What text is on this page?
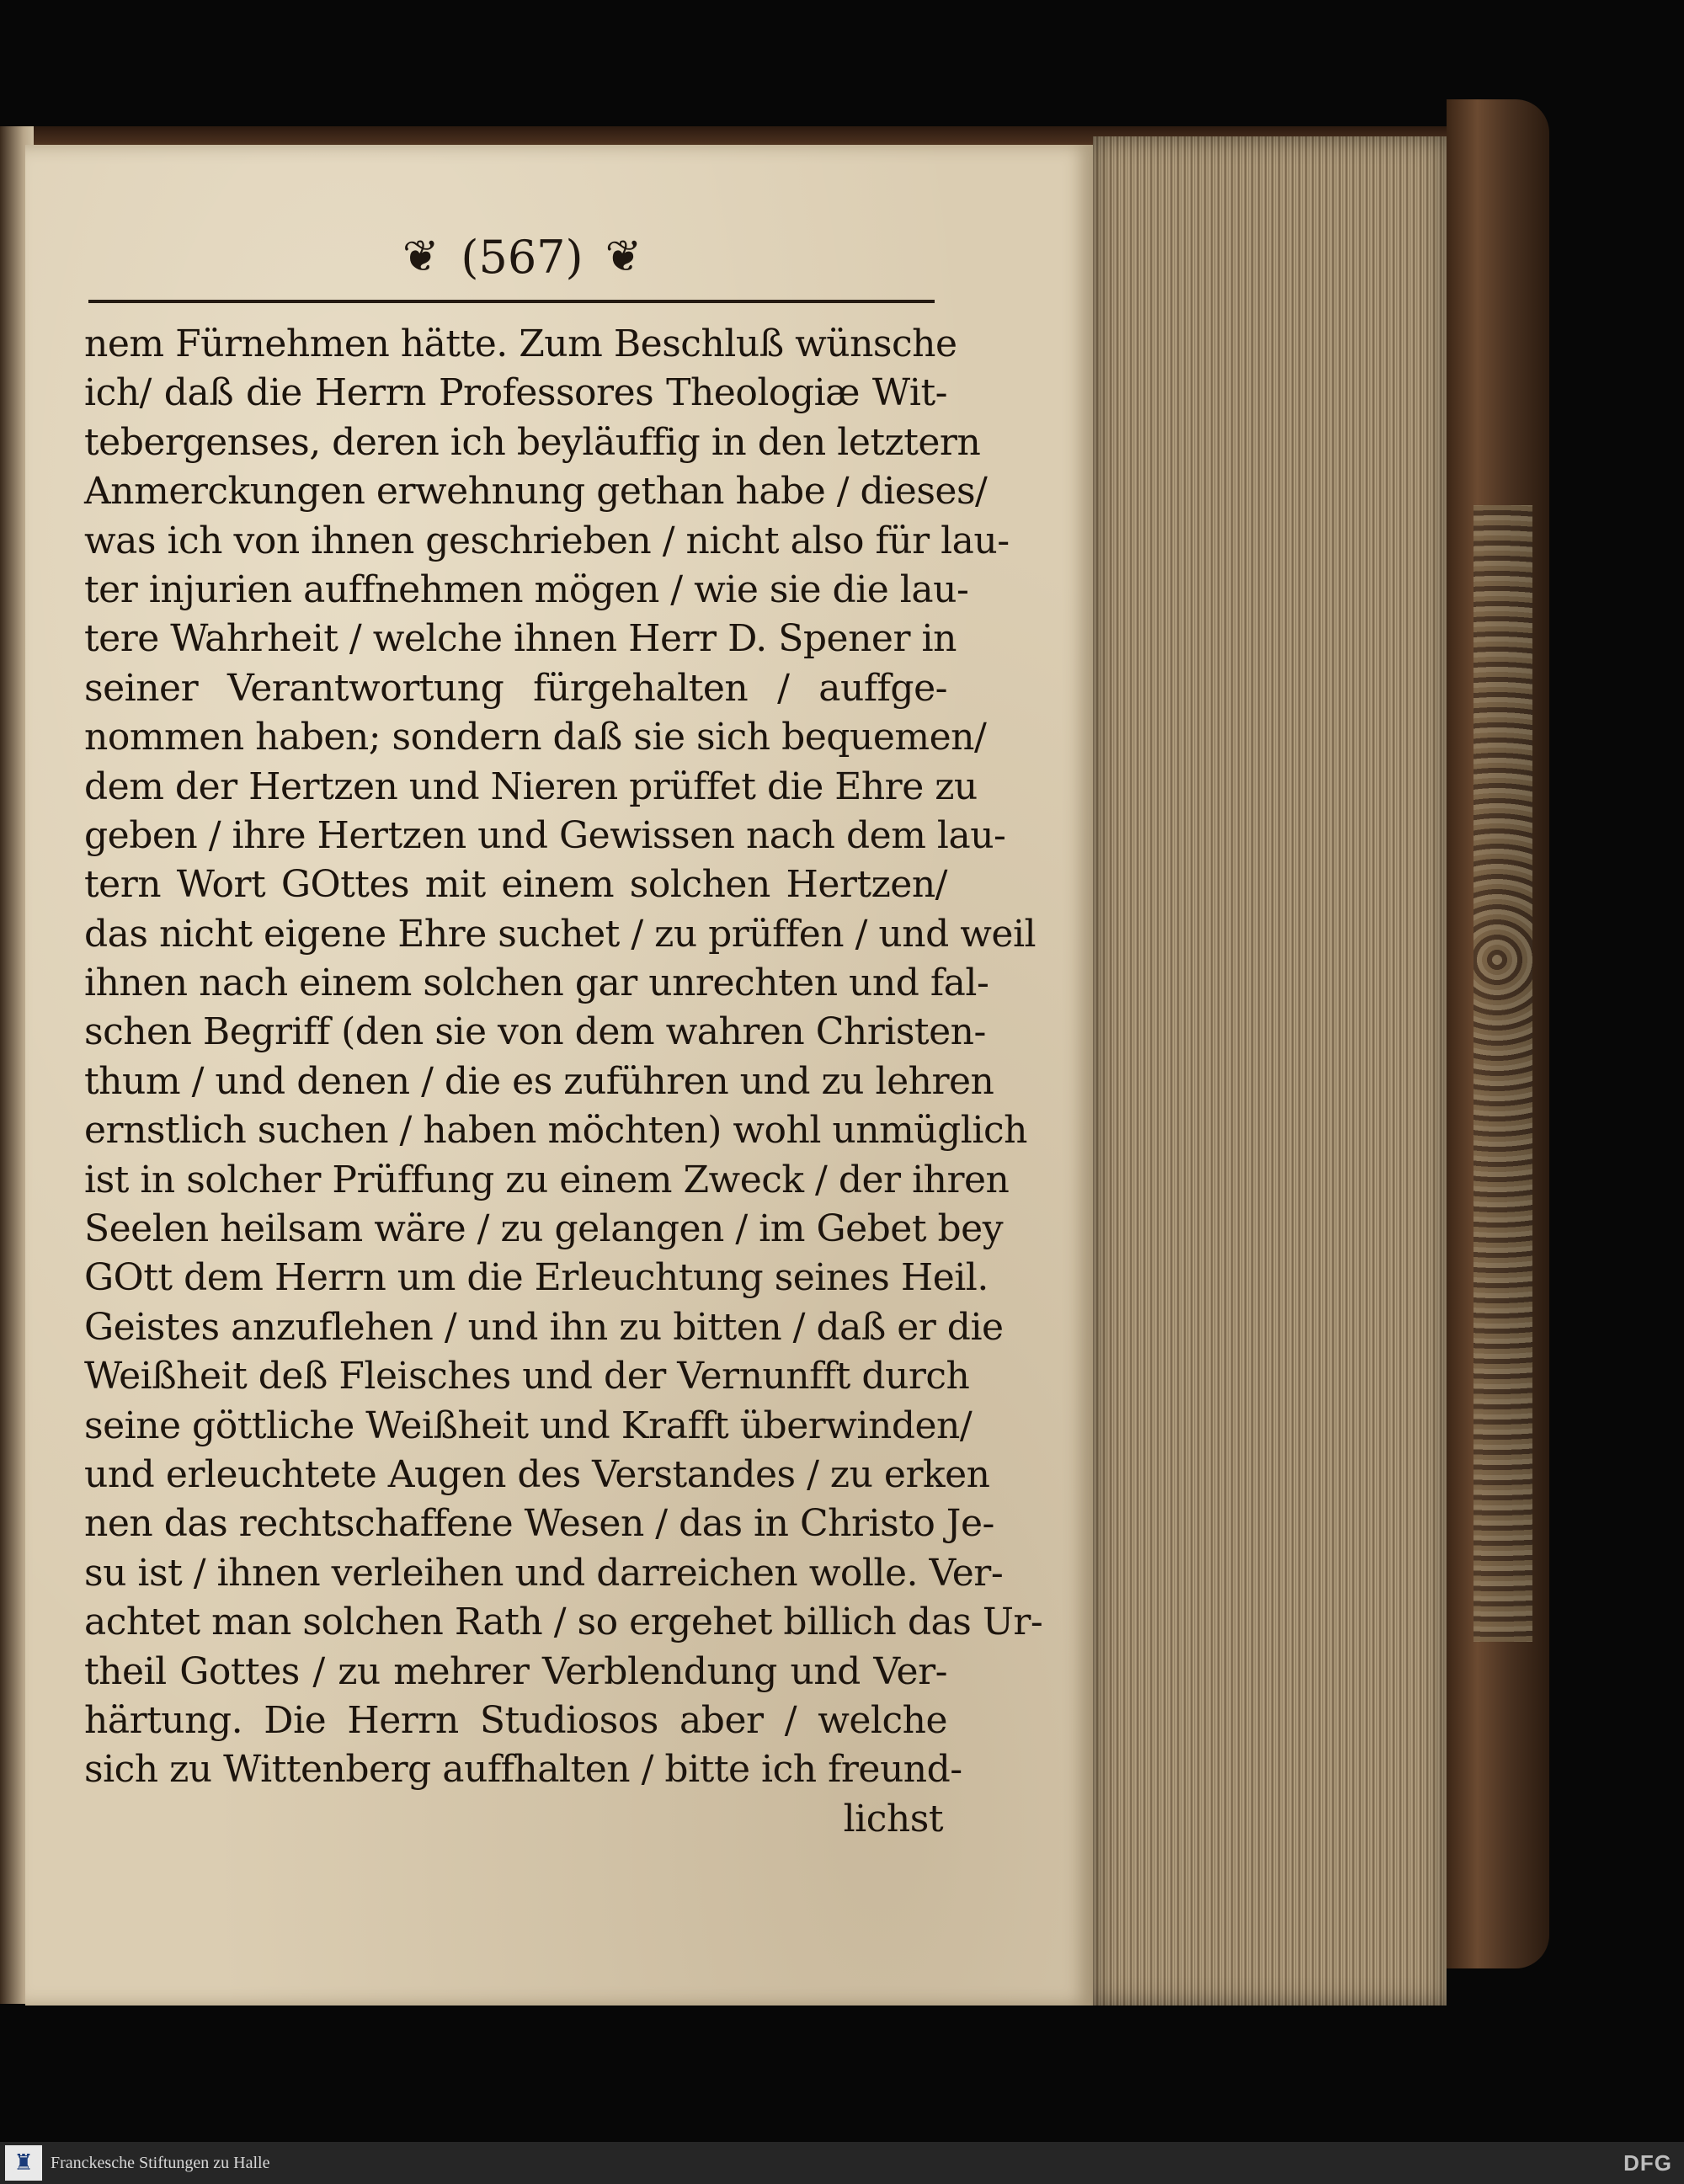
❦ (567) ❦
nem Fürnehmen hätte. Zum Beschluß wünsche
ich/ daß die Herrn Professores Theologiæ Wit-
tebergenses, deren ich beyläuffig in den letztern
Anmerckungen erwehnung gethan habe / dieses/
was ich von ihnen geschrieben / nicht also für lau-
ter injurien auffnehmen mögen / wie sie die lau-
tere Wahrheit / welche ihnen Herr D. Spener in
seiner Verantwortung fürgehalten / auffge-
nommen haben; sondern daß sie sich bequemen/
dem der Hertzen und Nieren prüffet die Ehre zu
geben / ihre Hertzen und Gewissen nach dem lau-
tern Wort GOttes mit einem solchen Hertzen/
das nicht eigene Ehre suchet / zu prüffen / und weil
ihnen nach einem solchen gar unrechten und fal-
schen Begriff (den sie von dem wahren Christen-
thum / und denen / die es zuführen und zu lehren
ernstlich suchen / haben möchten) wohl unmüglich
ist in solcher Prüffung zu einem Zweck / der ihren
Seelen heilsam wäre / zu gelangen / im Gebet bey
GOtt dem Herrn um die Erleuchtung seines Heil.
Geistes anzuflehen / und ihn zu bitten / daß er die
Weißheit deß Fleisches und der Vernunfft durch
seine göttliche Weißheit und Krafft überwinden/
und erleuchtete Augen des Verstandes / zu erken
nen das rechtschaffene Wesen / das in Christo Je-
su ist / ihnen verleihen und darreichen wolle. Ver-
achtet man solchen Rath / so ergehet billich das Ur-
theil Gottes / zu mehrer Verblendung und Ver-
härtung. Die Herrn Studiosos aber / welche
sich zu Wittenberg auffhalten / bitte ich freund-
lichst
♜	Franckesche Stiftungen zu Halle	DFG
